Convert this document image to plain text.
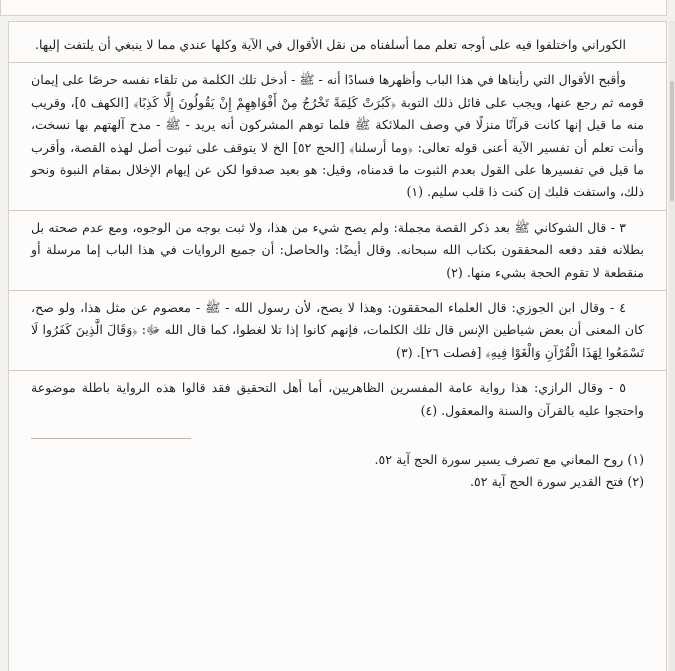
الكوراني واختلفوا فيه على أوجه تعلم مما أسلفناه من نقل الأقوال في الآية وكلها عندي مما لا ينبغي أن يلتفت إليها.

وأقبح الأقوال التي رأيناها في هذا الباب وأظهرها فسادًا أنه - ﷺ - أدخل تلك الكلمة من تلقاء نفسه حرصًا على إيمان قومه ثم رجع عنها، ويجب على قائل ذلك التوبة ﴿كَبُرَتْ كَلِمَةً تَخْرُجُ مِنْ أَفْوَاهِهِمْ إِنْ يَقُولُونَ إِلَّا كَذِبًا﴾ [الكهف ٥]، وقريب منه ما قيل إنها كانت قرآنًا منزلًا في وصف الملائكة ﷺ فلما توهم المشركون أنه يريد - ﷺ - مدح آلهتهم بها نسخت، وأنت تعلم أن تفسير الآية أعنى قوله تعالى: ﴿وما أرسلنا﴾ [الحج ٥٢] الخ لا يتوقف على ثبوت أصل لهذه القصة، وأقرب ما قيل في تفسيرها على القول بعدم الثبوت ما قدمناه، وقيل: هو بعيد صدقوا لكن عن إيهام الإخلال بمقام النبوة ونحو ذلك، واستفت قلبك إن كنت ذا قلب سليم. (١)

٣ - قال الشوكاني ﷺ بعد ذكر القصة مجملة: ولم يصح شيء من هذا، ولا ثبت بوجه من الوجوه، ومع عدم صحته بل بطلانه فقد دفعه المحققون بكتاب الله سبحانه. وقال أيضًا: والحاصل: أن جميع الروايات في هذا الباب إما مرسلة أو منقطعة لا تقوم الحجة بشيء منها. (٢)

٤ - وقال ابن الجوزي: قال العلماء المحققون: وهذا لا يصح، لأن رسول الله - ﷺ - معصوم عن مثل هذا، ولو صح، كان المعنى أن بعض شياطين الإنس قال تلك الكلمات، فإنهم كانوا إذا تلا لغطوا، كما قال الله ﷻ: ﴿وَقَالَ الَّذِينَ كَفَرُوا لَا تَسْمَعُوا لِهَذَا الْقُرْآنِ وَالْغَوْا فِيهِ﴾ [فصلت ٢٦]. (٣)

٥ - وقال الرازي: هذا رواية عامة المفسرين الظاهريين، أما أهل التحقيق فقد قالوا هذه الرواية باطلة موضوعة واحتجوا عليه بالقرآن والسنة والمعقول. (٤)

(١) روح المعاني مع تصرف يسير سورة الحج آية ٥٢.

(٢) فتح القدير سورة الحج آية ٥٢.
